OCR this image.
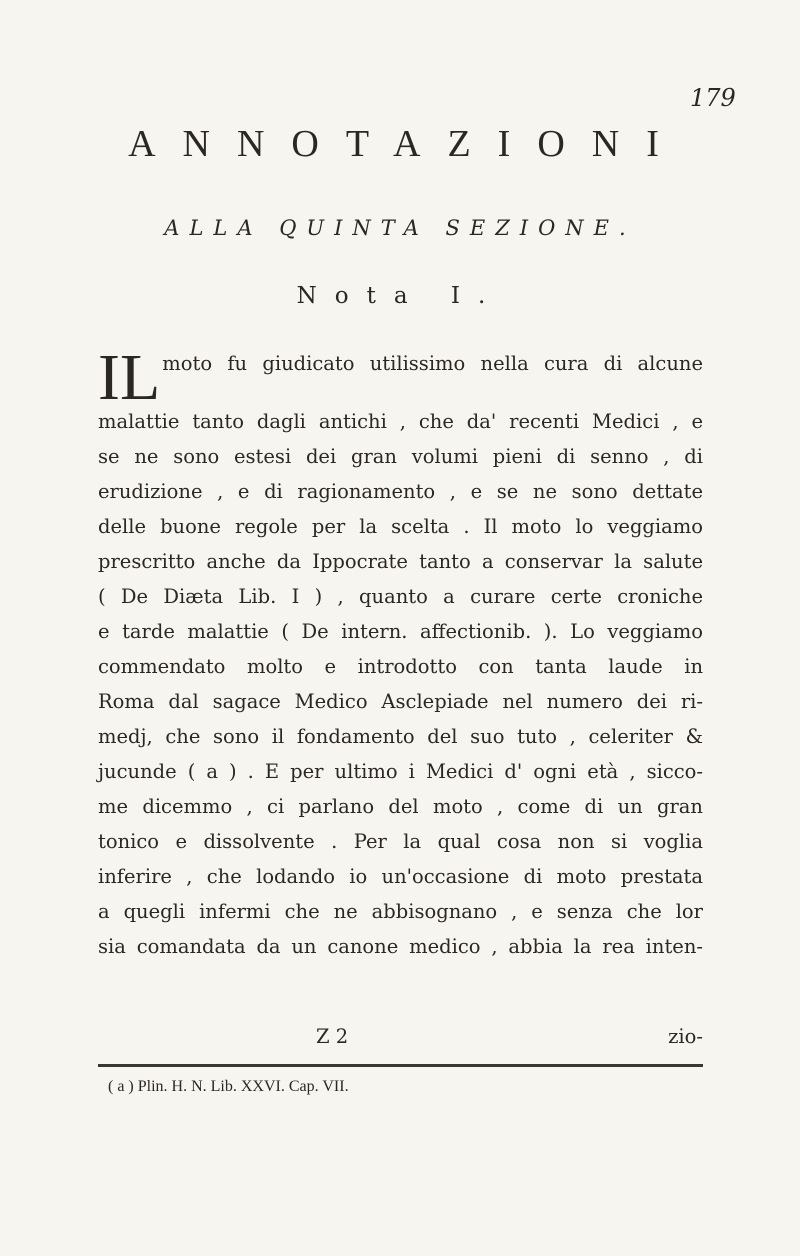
179
ANNOTAZIONI
ALLA QUINTA SEZIONE.
Nota I.
IL moto fu giudicato utilissimo nella cura di alcune
malattie tanto dagli antichi , che da' recenti Medici , e
se ne sono estesi dei gran volumi pieni di senno , di
erudizione , e di ragionamento , e se ne sono dettate
delle buone regole per la scelta . Il moto lo veggiamo
prescritto anche da Ippocrate tanto a conservar la salute
( De Diæta Lib. I ) , quanto a curare certe croniche
e tarde malattie ( De intern. affectionib. ). Lo veggiamo
commendato molto e introdotto con tanta laude in
Roma dal sagace Medico Asclepiade nel numero dei ri-
medj, che sono il fondamento del suo tuto , celeriter &
jucunde ( a ) . E per ultimo i Medici d' ogni età , sicco-
me dicemmo , ci parlano del moto , come di un gran
tonico e dissolvente . Per la qual cosa non si voglia
inferire , che lodando io un'occasione di moto prestata
a quegli infermi che ne abbisognano , e senza che lor
sia comandata da un canone medico , abbia la rea inten-
Z 2	zio-
( a ) Plin. H. N. Lib. XXVI. Cap. VII.
